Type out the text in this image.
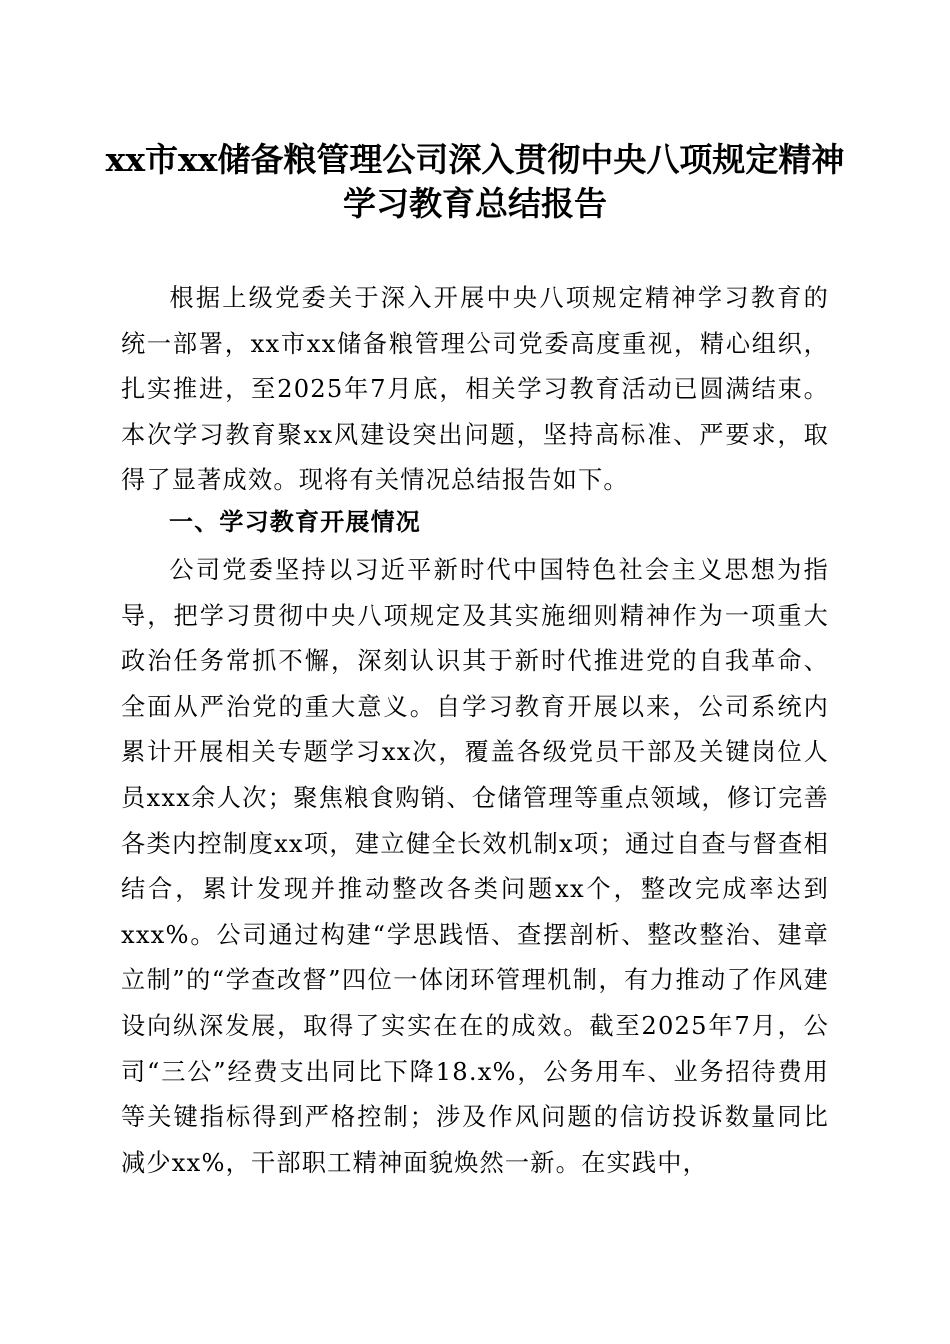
xx市xx储备粮管理公司深入贯彻中央八项规定精神学习教育总结报告

根据上级党委关于深入开展中央八项规定精神学习教育的统一部署，xx市xx储备粮管理公司党委高度重视，精心组织，扎实推进，至2025年7月底，相关学习教育活动已圆满结束。本次学习教育聚xx风建设突出问题，坚持高标准、严要求，取得了显著成效。现将有关情况总结报告如下。

一、学习教育开展情况

公司党委坚持以习近平新时代中国特色社会主义思想为指导，把学习贯彻中央八项规定及其实施细则精神作为一项重大政治任务常抓不懈，深刻认识其于新时代推进党的自我革命、全面从严治党的重大意义。自学习教育开展以来，公司系统内累计开展相关专题学习xx次，覆盖各级党员干部及关键岗位人员xxx余人次；聚焦粮食购销、仓储管理等重点领域，修订完善各类内控制度xx项，建立健全长效机制x项；通过自查与督查相结合，累计发现并推动整改各类问题xx个，整改完成率达到xxx%。公司通过构建“学思践悟、查摆剖析、整改整治、建章立制”的“学查改督”四位一体闭环管理机制，有力推动了作风建设向纵深发展，取得了实实在在的成效。截至2025年7月，公司“三公”经费支出同比下降18.x%，公务用车、业务招待费用等关键指标得到严格控制；涉及作风问题的信访投诉数量同比减少xx%，干部职工精神面貌焕然一新。在实践中，
